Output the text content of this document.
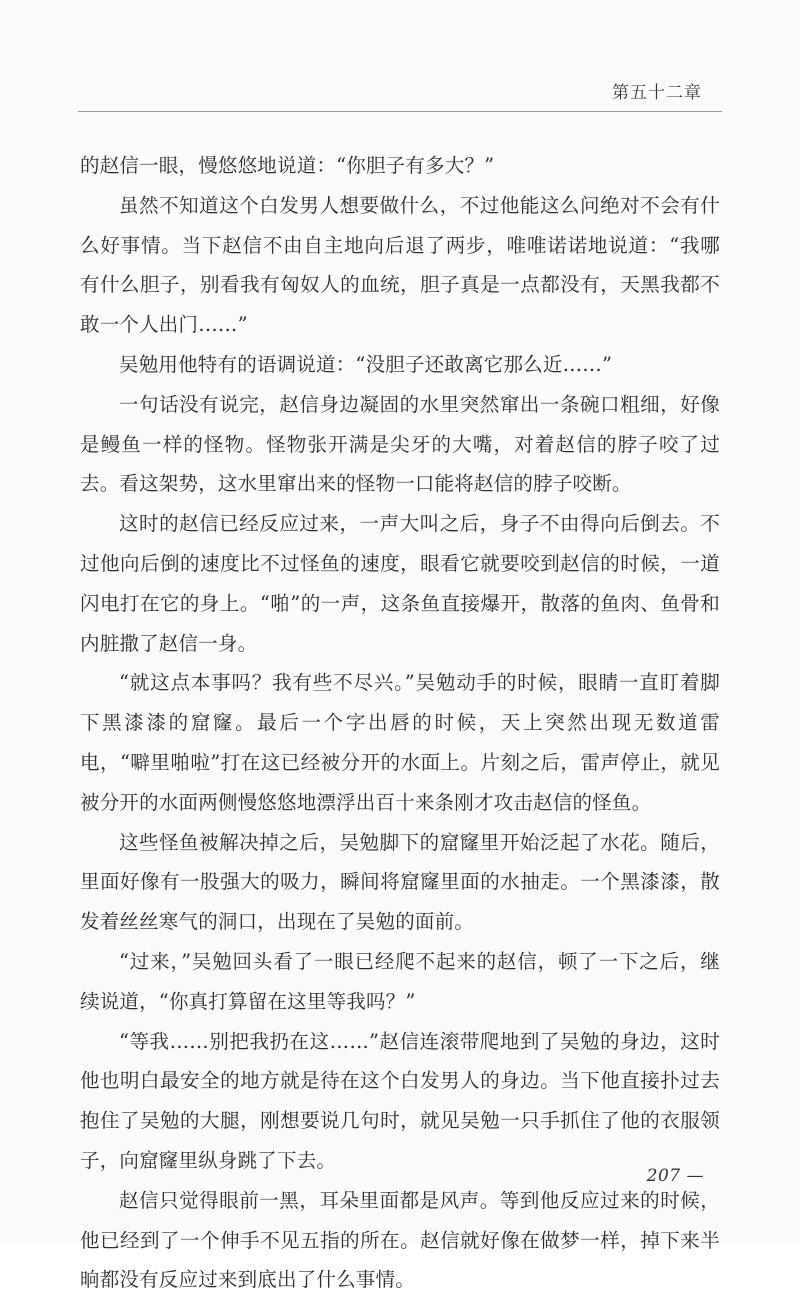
第五十二章

的赵信一眼，慢悠悠地说道：“你胆子有多大？”

虽然不知道这个白发男人想要做什么，不过他能这么问绝对不会有什么好事情。当下赵信不由自主地向后退了两步，唯唯诺诺地说道：“我哪有什么胆子，别看我有匈奴人的血统，胆子真是一点都没有，天黑我都不敢一个人出门……”

吴勉用他特有的语调说道：“没胆子还敢离它那么近……”

一句话没有说完，赵信身边凝固的水里突然窜出一条碗口粗细，好像是鳗鱼一样的怪物。怪物张开满是尖牙的大嘴，对着赵信的脖子咬了过去。看这架势，这水里窜出来的怪物一口能将赵信的脖子咬断。

这时的赵信已经反应过来，一声大叫之后，身子不由得向后倒去。不过他向后倒的速度比不过怪鱼的速度，眼看它就要咬到赵信的时候，一道闪电打在它的身上。“啪”的一声，这条鱼直接爆开，散落的鱼肉、鱼骨和内脏撒了赵信一身。

“就这点本事吗？我有些不尽兴。”吴勉动手的时候，眼睛一直盯着脚下黑漆漆的窟窿。最后一个字出唇的时候，天上突然出现无数道雷电，“噼里啪啦”打在这已经被分开的水面上。片刻之后，雷声停止，就见被分开的水面两侧慢悠悠地漂浮出百十来条刚才攻击赵信的怪鱼。

这些怪鱼被解决掉之后，吴勉脚下的窟窿里开始泛起了水花。随后，里面好像有一股强大的吸力，瞬间将窟窿里面的水抽走。一个黑漆漆，散发着丝丝寒气的洞口，出现在了吴勉的面前。

“过来，”吴勉回头看了一眼已经爬不起来的赵信，顿了一下之后，继续说道，“你真打算留在这里等我吗？”

“等我……别把我扔在这……”赵信连滚带爬地到了吴勉的身边，这时他也明白最安全的地方就是待在这个白发男人的身边。当下他直接扑过去抱住了吴勉的大腿，刚想要说几句时，就见吴勉一只手抓住了他的衣服领子，向窟窿里纵身跳了下去。

赵信只觉得眼前一黑，耳朵里面都是风声。等到他反应过来的时候，他已经到了一个伸手不见五指的所在。赵信就好像在做梦一样，掉下来半晌都没有反应过来到底出了什么事情。

207 —
